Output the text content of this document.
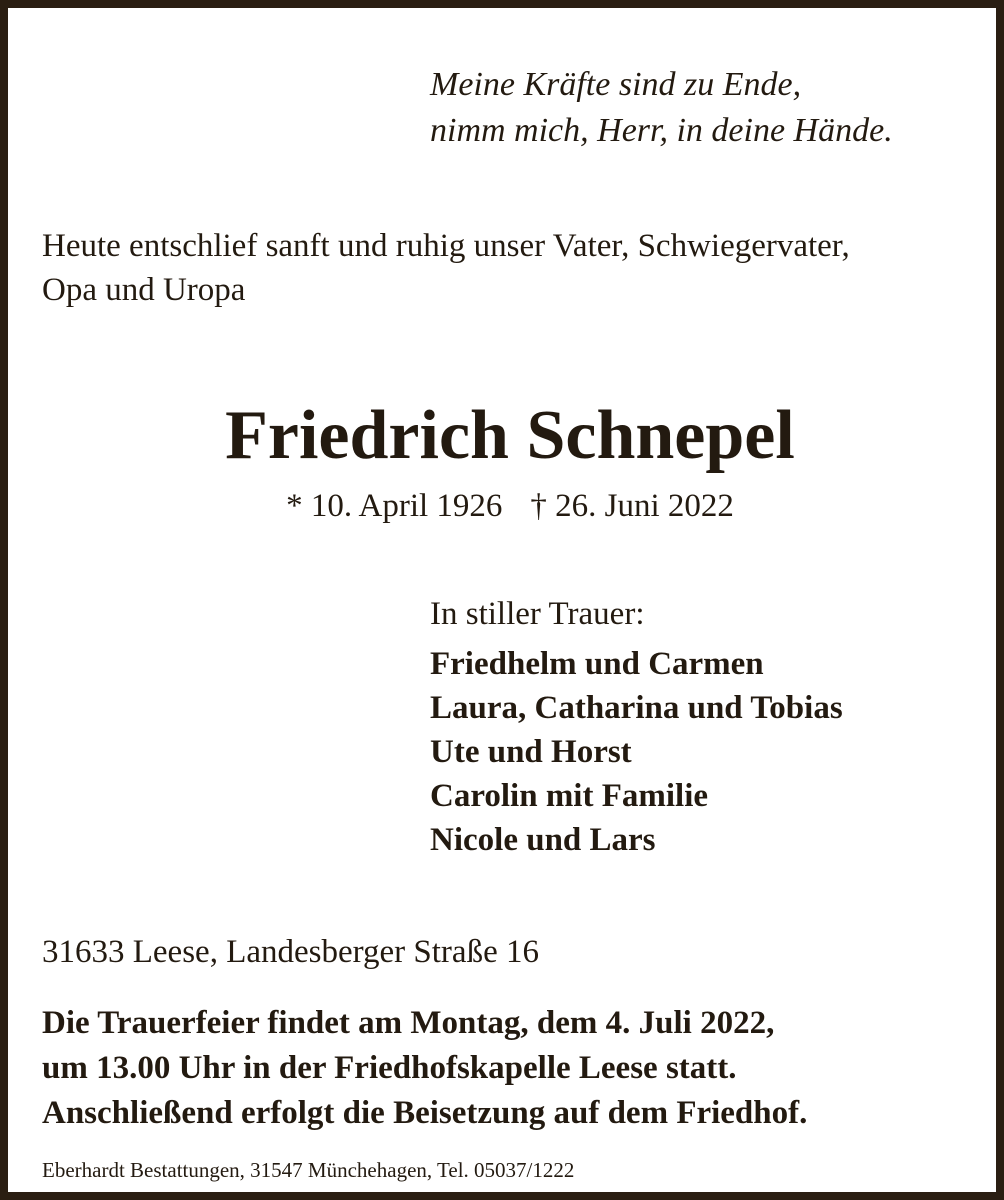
Meine Kräfte sind zu Ende,
nimm mich, Herr, in deine Hände.
Heute entschlief sanft und ruhig unser Vater, Schwiegervater,
Opa und Uropa
Friedrich Schnepel
* 10. April 1926 † 26. Juni 2022
In stiller Trauer:
Friedhelm und Carmen
Laura, Catharina und Tobias
Ute und Horst
Carolin mit Familie
Nicole und Lars
31633 Leese, Landesberger Straße 16
Die Trauerfeier findet am Montag, dem 4. Juli 2022,
um 13.00 Uhr in der Friedhofskapelle Leese statt.
Anschließend erfolgt die Beisetzung auf dem Friedhof.
Eberhardt Bestattungen, 31547 Münchehagen, Tel. 05037/1222
